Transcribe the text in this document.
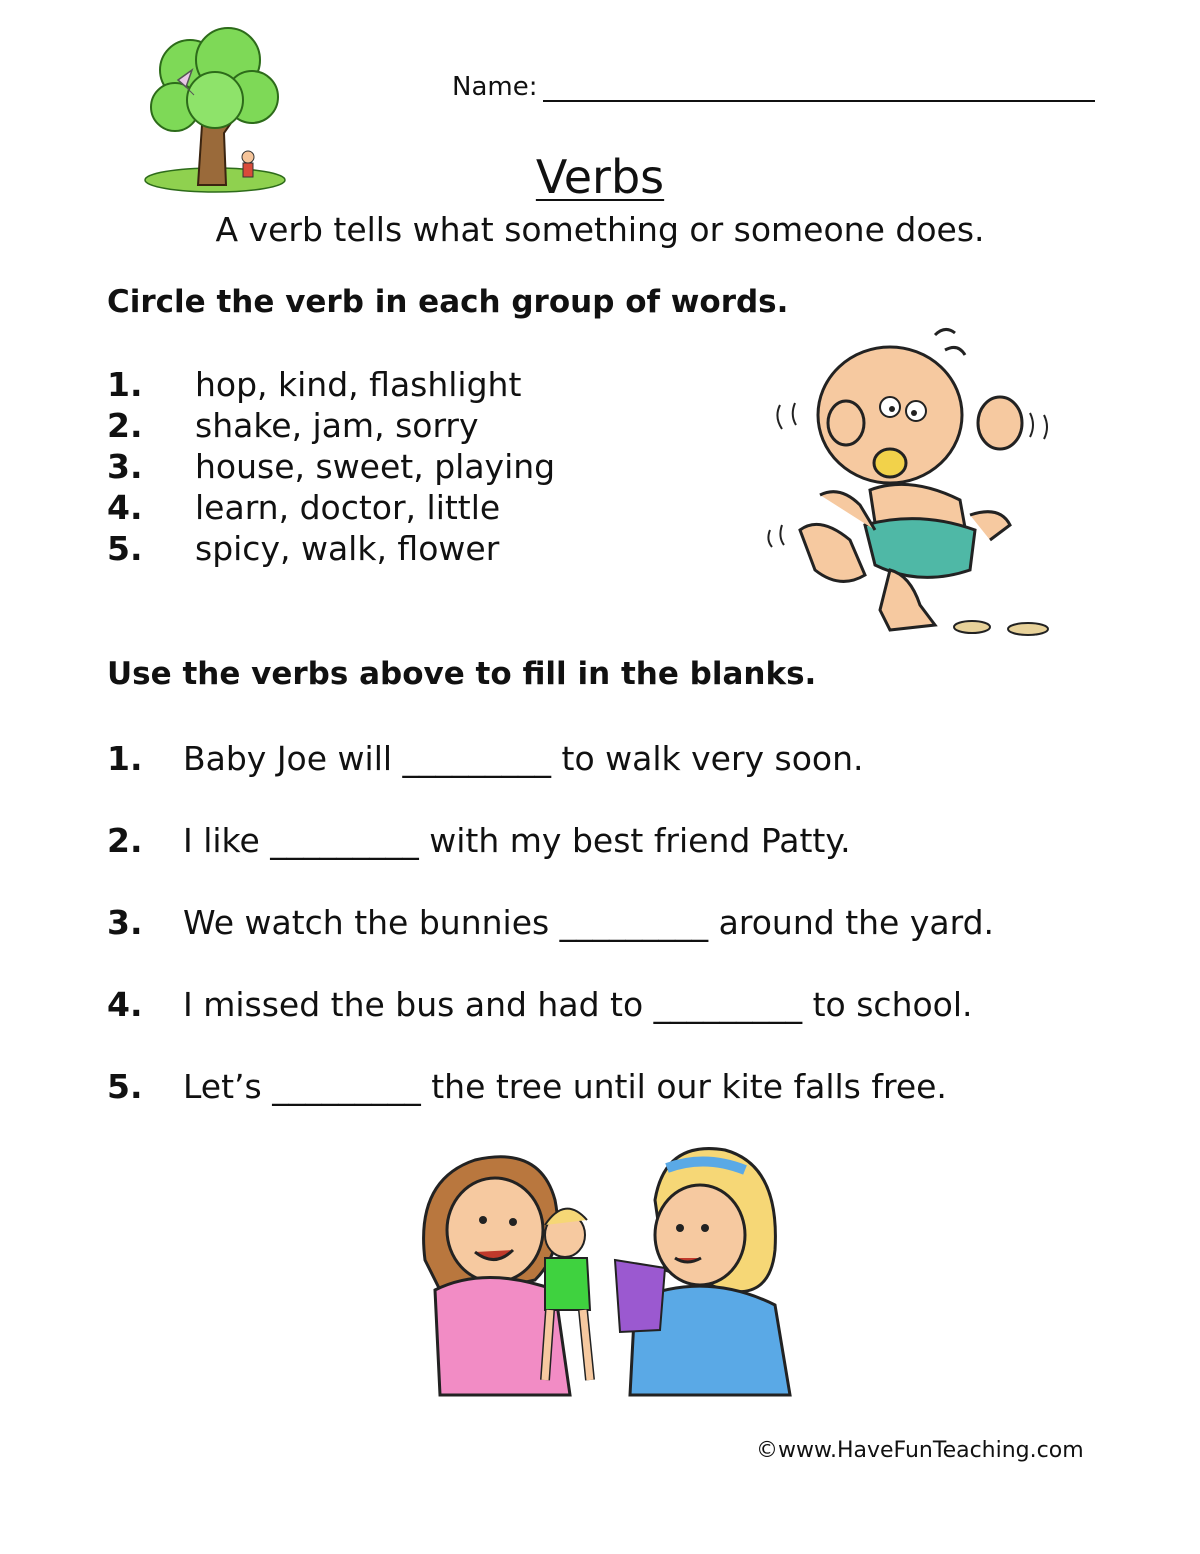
Name:
Verbs
A verb tells what something or someone does.
Circle the verb in each group of words.
1.	hop, kind, flashlight
2.	shake, jam, sorry
3.	house, sweet, playing
4.	learn, doctor, little
5.	spicy, walk, flower
Use the verbs above to fill in the blanks.
1.	Baby Joe will _________ to walk very soon.
2.	I like _________ with my best friend Patty.
3.	We watch the bunnies _________ around the yard.
4.	I missed the bus and had to _________ to school.
5.	Let’s _________ the tree until our kite falls free.
©www.HaveFunTeaching.com
